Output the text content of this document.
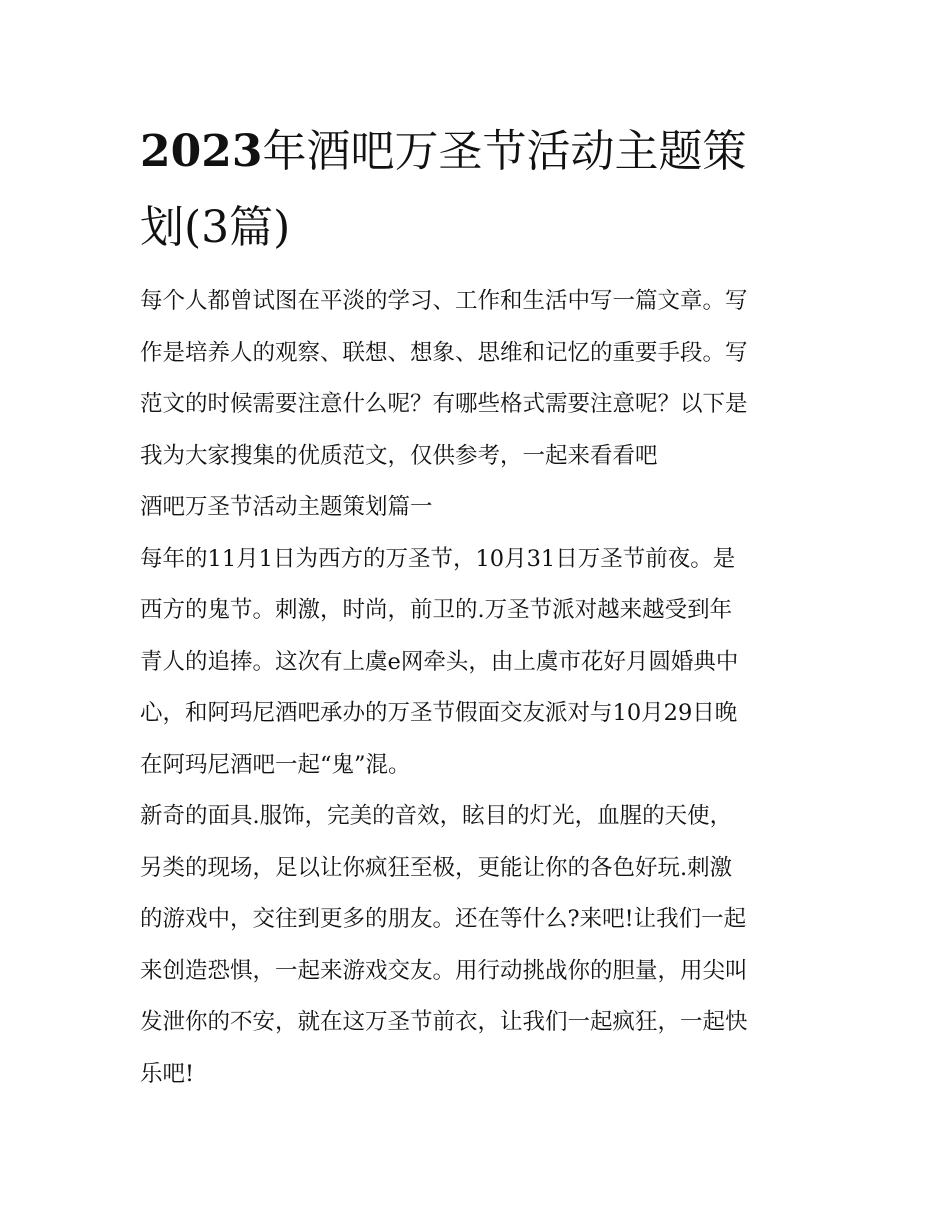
2023年酒吧万圣节活动主题策
划(3篇)
每个人都曾试图在平淡的学习、工作和生活中写一篇文章。写
作是培养人的观察、联想、想象、思维和记忆的重要手段。写
范文的时候需要注意什么呢？有哪些格式需要注意呢？以下是
我为大家搜集的优质范文，仅供参考，一起来看看吧
酒吧万圣节活动主题策划篇一
每年的11月1日为西方的万圣节，10月31日万圣节前夜。是
西方的鬼节。刺激，时尚，前卫的.万圣节派对越来越受到年
青人的追捧。这次有上虞e网牵头，由上虞市花好月圆婚典中
心，和阿玛尼酒吧承办的万圣节假面交友派对与10月29日晚
在阿玛尼酒吧一起“鬼”混。
新奇的面具.服饰，完美的音效，眩目的灯光，血腥的天使，
另类的现场，足以让你疯狂至极，更能让你的各色好玩.刺激
的游戏中，交往到更多的朋友。还在等什么?来吧!让我们一起
来创造恐惧，一起来游戏交友。用行动挑战你的胆量，用尖叫
发泄你的不安，就在这万圣节前衣，让我们一起疯狂，一起快
乐吧!
